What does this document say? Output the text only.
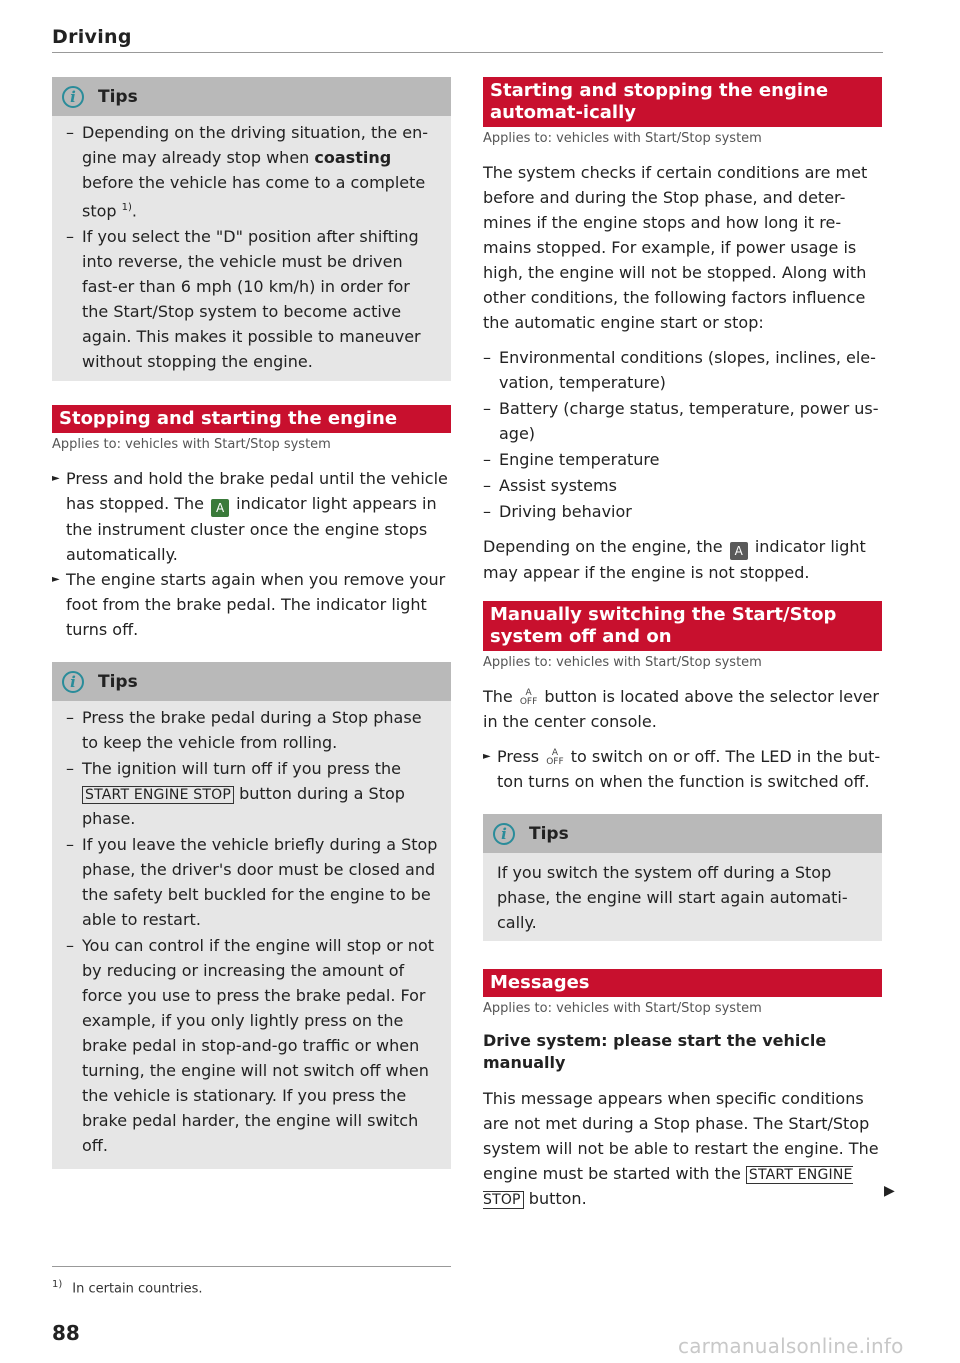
Driving
i	Tips
– Depending on the driving situation, the en-gine may already stop when coasting before the vehicle has come to a complete stop $^{1)}$.
– If you select the "D" position after shifting into reverse, the vehicle must be driven fast-er than 6 mph (10 km/h) in order for the Start/Stop system to become active again. This makes it possible to maneuver without stopping the engine.
Stopping and starting the engine
Applies to: vehicles with Start/Stop system
► Press and hold the brake pedal until the vehicle has stopped. The A indicator light appears in the instrument cluster once the engine stops automatically.
► The engine starts again when you remove your foot from the brake pedal. The indicator light turns off.
i	Tips
– Press the brake pedal during a Stop phase to keep the vehicle from rolling.
– The ignition will turn off if you press the START ENGINE STOP button during a Stop phase.
– If you leave the vehicle briefly during a Stop phase, the driver's door must be closed and the safety belt buckled for the engine to be able to restart.
– You can control if the engine will stop or not by reducing or increasing the amount of force you use to press the brake pedal. For example, if you only lightly press on the brake pedal in stop-and-go traffic or when turning, the engine will not switch off when the vehicle is stationary. If you press the brake pedal harder, the engine will switch off.
Starting and stopping the engine automat-ically
Applies to: vehicles with Start/Stop system

The system checks if certain conditions are met before and during the Stop phase, and deter-mines if the engine stops and how long it re-mains stopped. For example, if power usage is high, the engine will not be stopped. Along with other conditions, the following factors influence the automatic engine start or stop:

– Environmental conditions (slopes, inclines, ele-vation, temperature)
– Battery (charge status, temperature, power us-age)
– Engine temperature
– Assist systems
– Driving behavior

Depending on the engine, the A indicator light may appear if the engine is not stopped.

Manually switching the Start/Stop system off and on
Applies to: vehicles with Start/Stop system

The A
OFF button is located above the selector lever in the center console.

► Press A
OFF to switch on or off. The LED in the but-ton turns on when the function is switched off.
i	Tips

If you switch the system off during a Stop phase, the engine will start again automati-cally.

Messages
Applies to: vehicles with Start/Stop system
Drive system: please start the vehicle manually

This message appears when specific conditions are not met during a Stop phase. The Start/Stop system will not be able to restart the engine. The engine must be started with the START ENGINE STOP button.	▶
$^{1)}$ In certain countries.
88
carmanualsonline.info
